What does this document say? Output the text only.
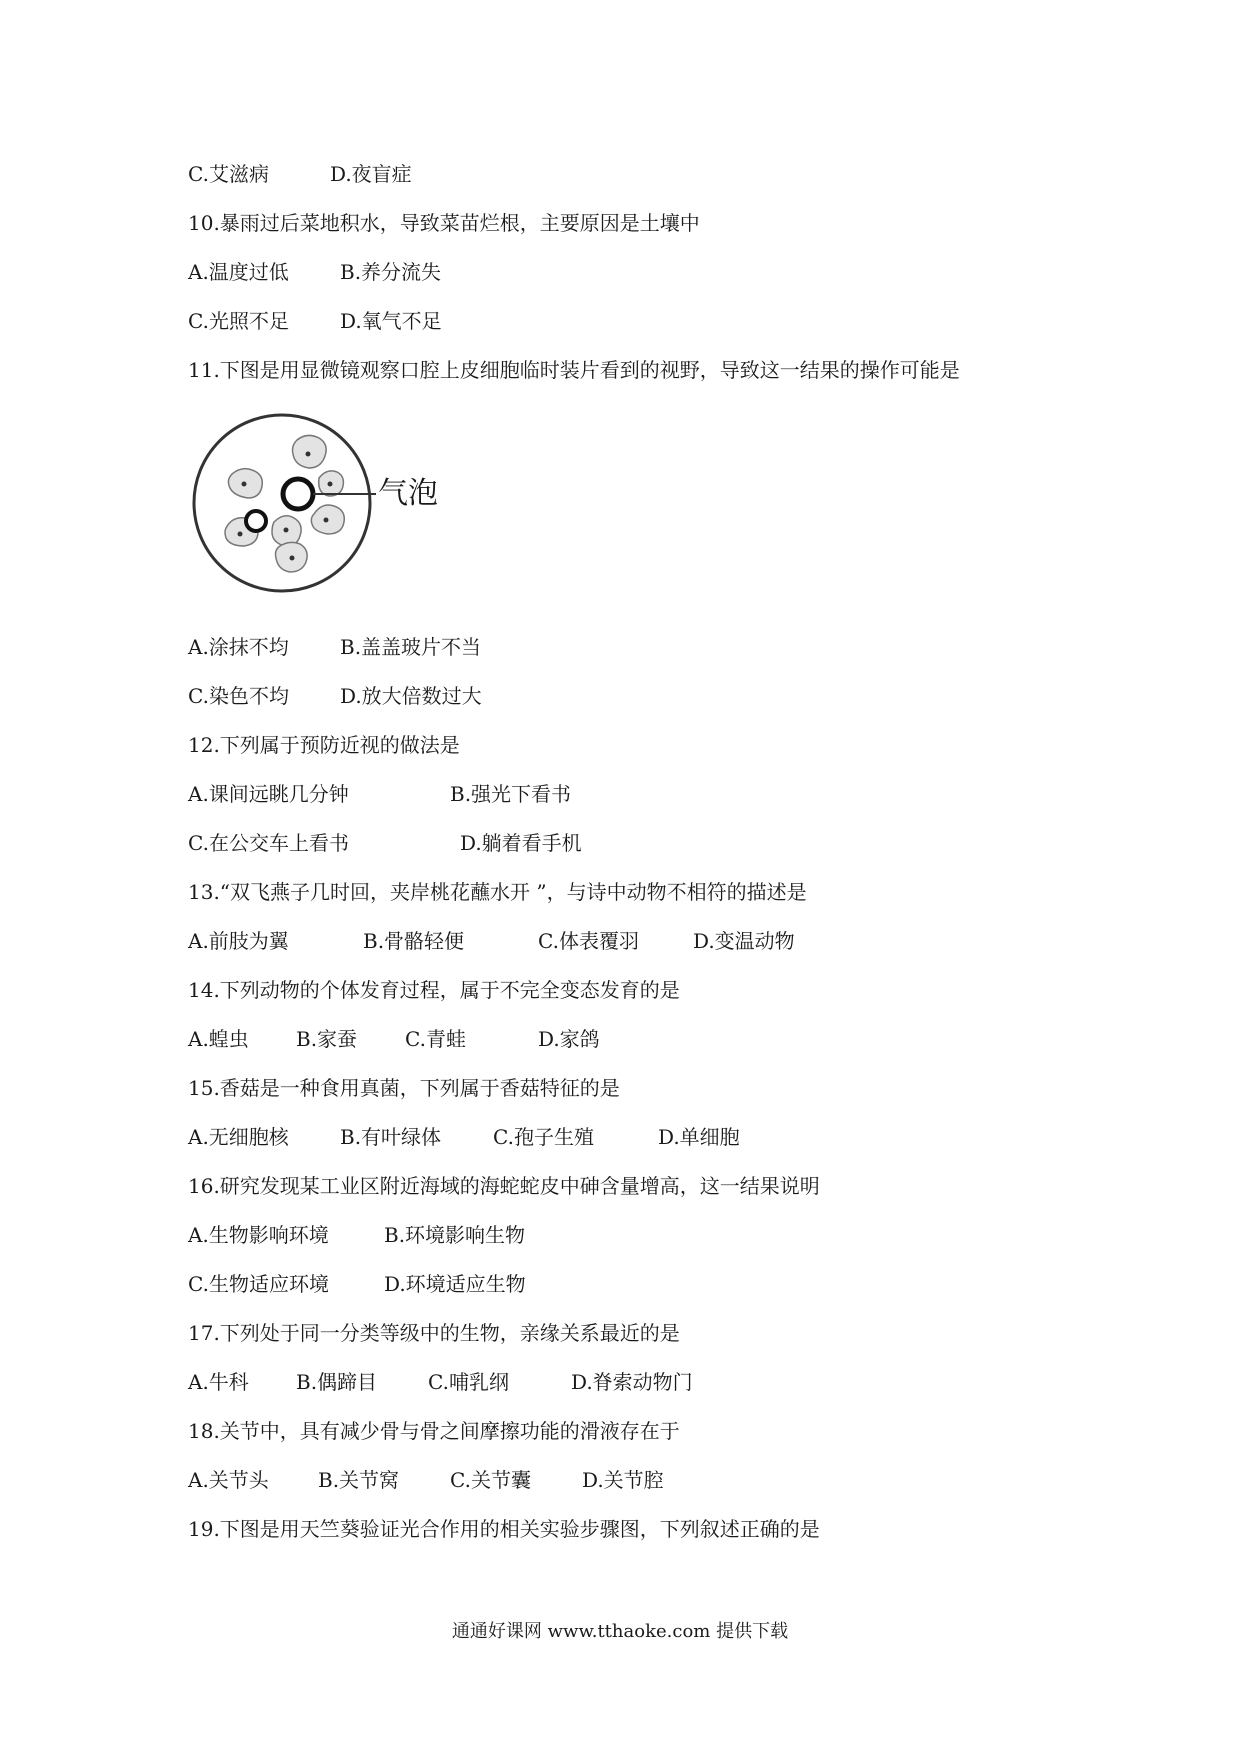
C.艾滋病	D.夜盲症
10.暴雨过后菜地积水，导致菜苗烂根，主要原因是土壤中
A.温度过低	B.养分流失
C.光照不足	D.氧气不足
11.下图是用显微镜观察口腔上皮细胞临时装片看到的视野，导致这一结果的操作可能是
气泡
A.涂抹不均	B.盖盖玻片不当
C.染色不均	D.放大倍数过大
12.下列属于预防近视的做法是
A.课间远眺几分钟	B.强光下看书
C.在公交车上看书	D.躺着看手机
13.“双飞燕子几时回，夹岸桃花蘸水开 ”，与诗中动物不相符的描述是
A.前肢为翼	B.骨骼轻便	C.体表覆羽	D.变温动物
14.下列动物的个体发育过程，属于不完全变态发育的是
A.蝗虫 B.家蚕 C.青蛙	D.家鸽
15.香菇是一种食用真菌，下列属于香菇特征的是
A.无细胞核	B.有叶绿体	C.孢子生殖	D.单细胞
16.研究发现某工业区附近海域的海蛇蛇皮中砷含量增高，这一结果说明
A.生物影响环境	B.环境影响生物
C.生物适应环境	D.环境适应生物
17.下列处于同一分类等级中的生物，亲缘关系最近的是
A.牛科 B.偶蹄目	C.哺乳纲	D.脊索动物门
18.关节中，具有减少骨与骨之间摩擦功能的滑液存在于
A.关节头 B.关节窝	C.关节囊	D.关节腔
19.下图是用天竺葵验证光合作用的相关实验步骤图，下列叙述正确的是
通通好课网 www.tthaoke.com 提供下载
